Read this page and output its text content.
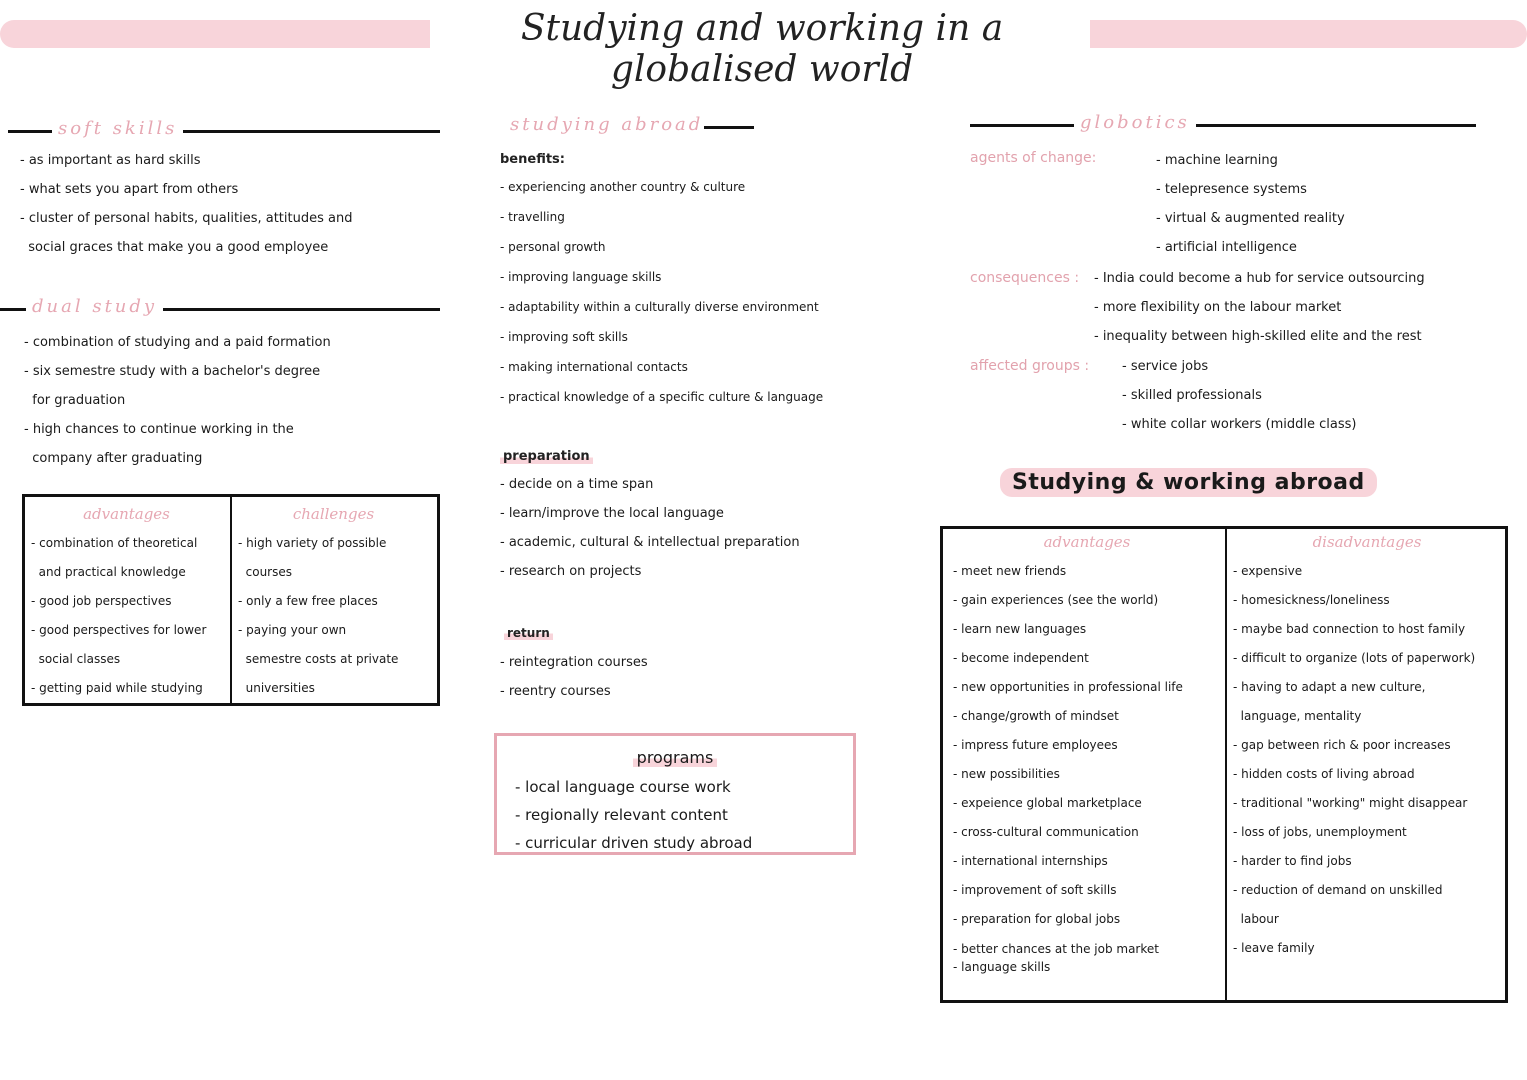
Studying and working in a globalised world
soft skills
- as important as hard skills
- what sets you apart from others
- cluster of personal habits, qualities, attitudes and
social graces that make you a good employee
dual study
- combination of studying and a paid formation
- six semestre study with a bachelor's degree
for graduation
- high chances to continue working in the
company after graduating
advantages
- combination of theoretical
and practical knowledge
- good job perspectives
- good perspectives for lower
social classes
- getting paid while studying
challenges
- high variety of possible
courses
- only a few free places
- paying your own
semestre costs at private
universities
studying abroad
benefits:
- experiencing another country & culture
- travelling
- personal growth
- improving language skills
- adaptability within a culturally diverse environment
- improving soft skills
- making international contacts
- practical knowledge of a specific culture & language
preparation
- decide on a time span
- learn/improve the local language
- academic, cultural & intellectual preparation
- research on projects
return
- reintegration courses
- reentry courses
programs
- local language course work
- regionally relevant content
- curricular driven study abroad
globotics
agents of change:	- machine learning
- telepresence systems
- virtual & augmented reality
- artificial intelligence
consequences : - India could become a hub for service outsourcing
- more flexibility on the labour market
- inequality between high-skilled elite and the rest
affected groups :	- service jobs
- skilled professionals
- white collar workers (middle class)
Studying & working abroad
advantages
- meet new friends
- gain experiences (see the world)
- learn new languages
- become independent
- new opportunities in professional life
- change/growth of mindset
- impress future employees
- new possibilities
- expeience global marketplace
- cross-cultural communication
- international internships
- improvement of soft skills
- preparation for global jobs
- better chances at the job market
- language skills
disadvantages
- expensive
- homesickness/loneliness
- maybe bad connection to host family
- difficult to organize (lots of paperwork)
- having to adapt a new culture,
language, mentality
- gap between rich & poor increases
- hidden costs of living abroad
- traditional "working" might disappear
- loss of jobs, unemployment
- harder to find jobs
- reduction of demand on unskilled
labour
- leave family
